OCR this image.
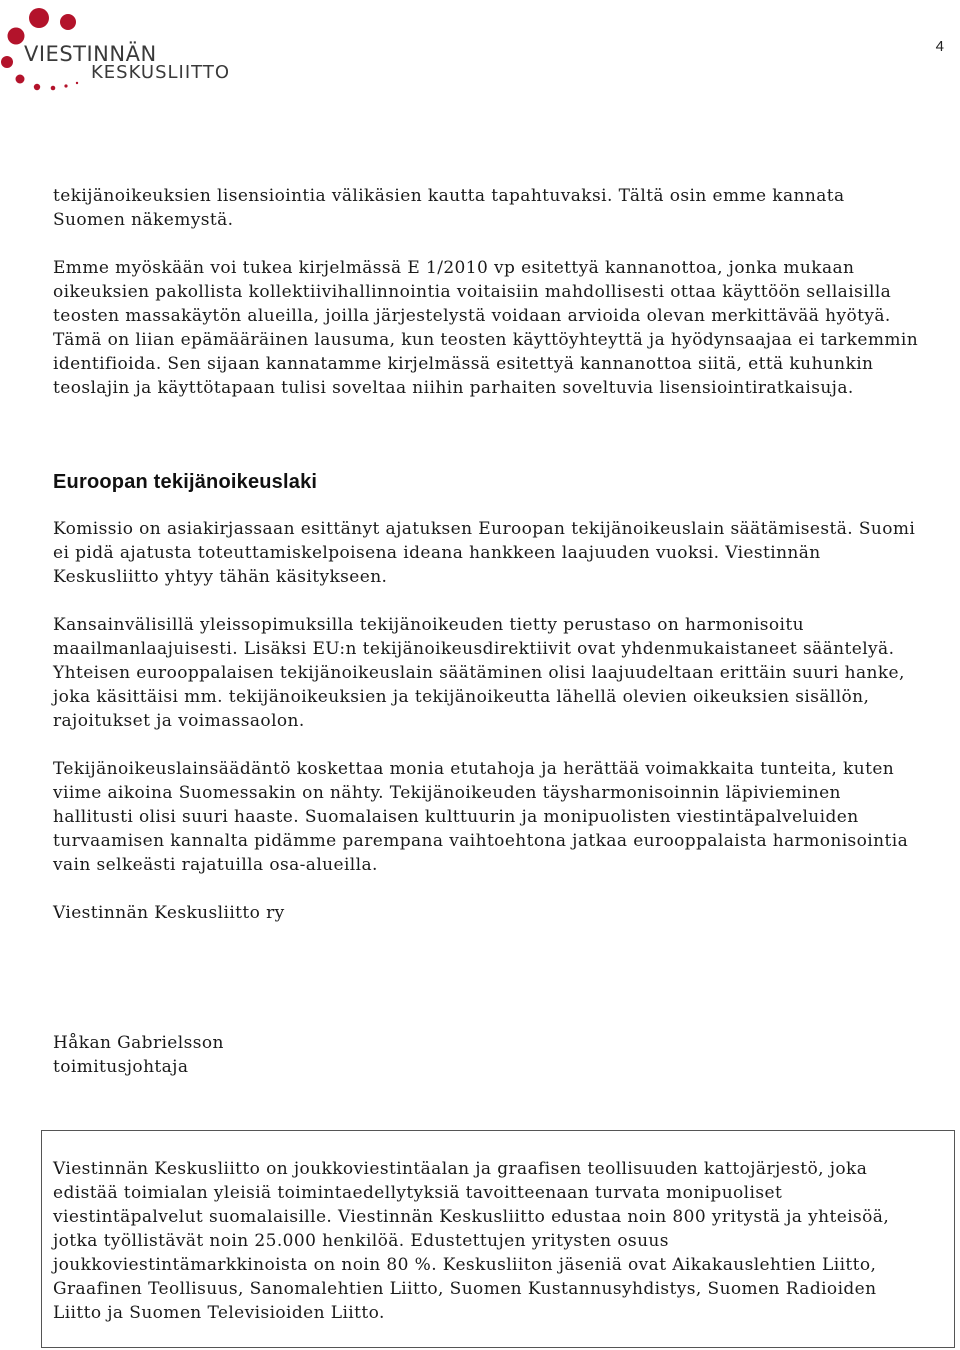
VIESTINNÄN
KESKUSLIITTO
4

tekijänoikeuksien lisensiointia välikäsien kautta tapahtuvaksi. Tältä osin emme kannata
Suomen näkemystä.

Emme myöskään voi tukea kirjelmässä E 1/2010 vp esitettyä kannanottoa, jonka mukaan
oikeuksien pakollista kollektiivihallinnointia voitaisiin mahdollisesti ottaa käyttöön sellaisilla
teosten massakäytön alueilla, joilla järjestelystä voidaan arvioida olevan merkittävää hyötyä.
Tämä on liian epämääräinen lausuma, kun teosten käyttöyhteyttä ja hyödynsaajaa ei tarkemmin
identifioida. Sen sijaan kannatamme kirjelmässä esitettyä kannanottoa siitä, että kuhunkin
teoslajin ja käyttötapaan tulisi soveltaa niihin parhaiten soveltuvia lisensiointiratkaisuja.

Euroopan tekijänoikeuslaki

Komissio on asiakirjassaan esittänyt ajatuksen Euroopan tekijänoikeuslain säätämisestä. Suomi
ei pidä ajatusta toteuttamiskelpoisena ideana hankkeen laajuuden vuoksi. Viestinnän
Keskusliitto yhtyy tähän käsitykseen.

Kansainvälisillä yleissopimuksilla tekijänoikeuden tietty perustaso on harmonisoitu
maailmanlaajuisesti. Lisäksi EU:n tekijänoikeusdirektiivit ovat yhdenmukaistaneet sääntelyä.
Yhteisen eurooppalaisen tekijänoikeuslain säätäminen olisi laajuudeltaan erittäin suuri hanke,
joka käsittäisi mm. tekijänoikeuksien ja tekijänoikeutta lähellä olevien oikeuksien sisällön,
rajoitukset ja voimassaolon.

Tekijänoikeuslainsäädäntö koskettaa monia etutahoja ja herättää voimakkaita tunteita, kuten
viime aikoina Suomessakin on nähty. Tekijänoikeuden täysharmonisoinnin läpivieminen
hallitusti olisi suuri haaste. Suomalaisen kulttuurin ja monipuolisten viestintäpalveluiden
turvaamisen kannalta pidämme parempana vaihtoehtona jatkaa eurooppalaista harmonisointia
vain selkeästi rajatuilla osa-alueilla.

Viestinnän Keskusliitto ry

Håkan Gabrielsson

toimitusjohtaja

Viestinnän Keskusliitto on joukkoviestintäalan ja graafisen teollisuuden kattojärjestö, joka
edistää toimialan yleisiä toimintaedellytyksiä tavoitteenaan turvata monipuoliset
viestintäpalvelut suomalaisille. Viestinnän Keskusliitto edustaa noin 800 yritystä ja yhteisöä,
jotka työllistävät noin 25.000 henkilöä. Edustettujen yritysten osuus
joukkoviestintämarkkinoista on noin 80 %. Keskusliiton jäseniä ovat Aikakauslehtien Liitto,
Graafinen Teollisuus, Sanomalehtien Liitto, Suomen Kustannusyhdistys, Suomen Radioiden
Liitto ja Suomen Televisioiden Liitto.
